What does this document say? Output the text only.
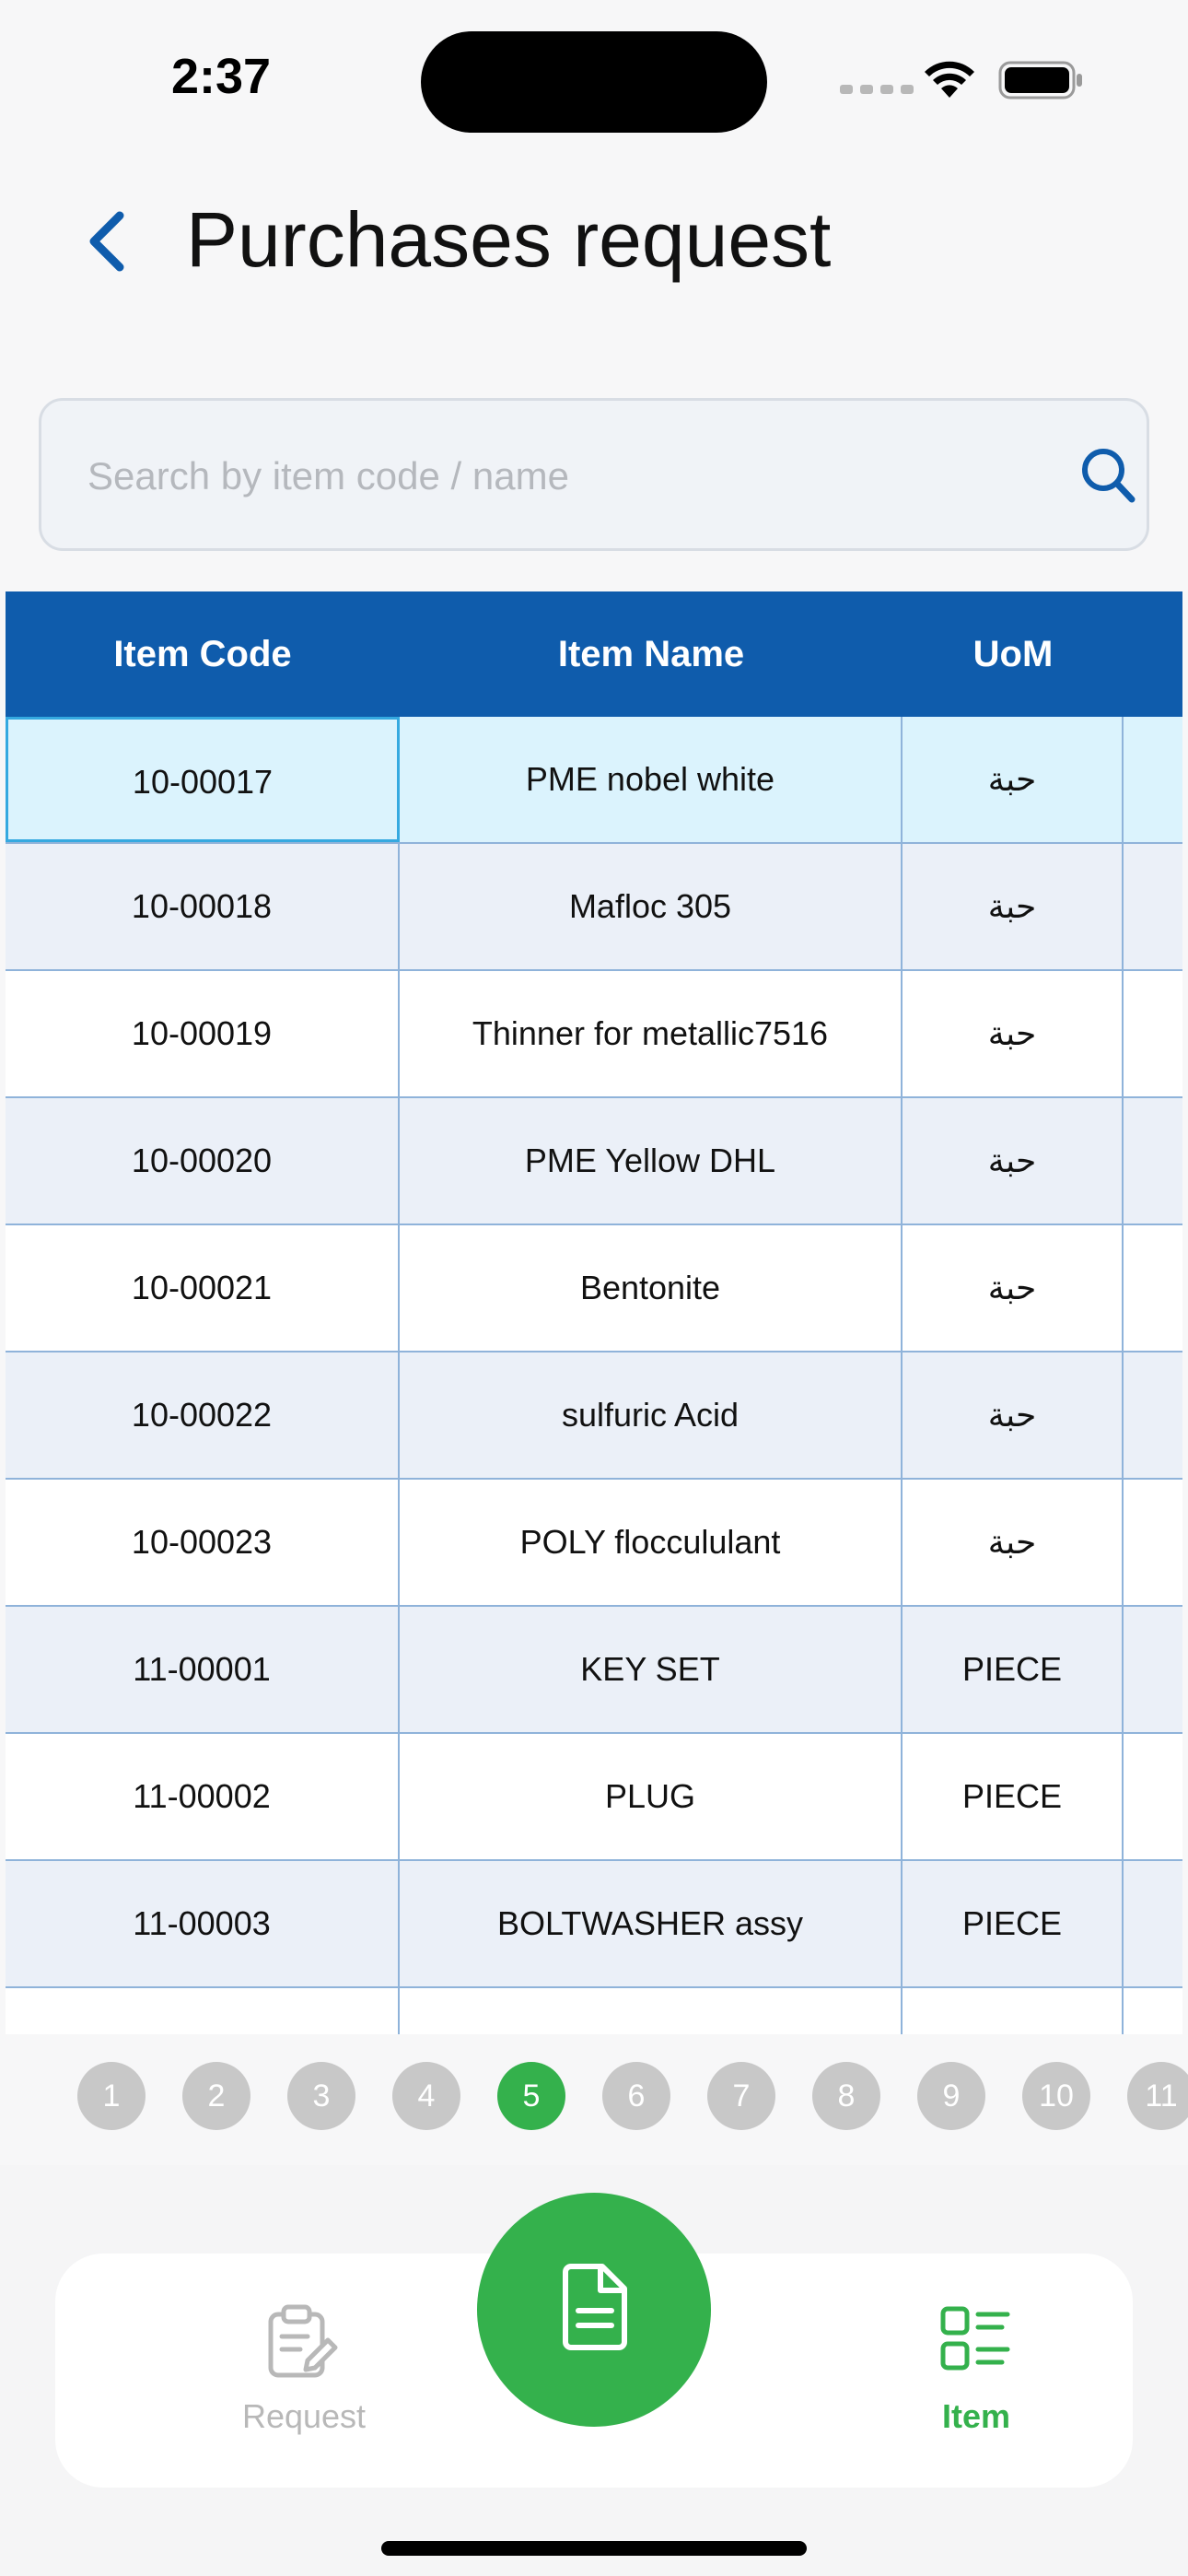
2:37
Purchases request
Search by item code / name
Item Code	Item Name	UoM
10-00017	PME nobel white	حبة
10-00018	Mafloc 305	حبة
10-00019	Thinner for metallic7516	حبة
10-00020	PME Yellow DHL	حبة
10-00021	Bentonite	حبة
10-00022	sulfuric Acid	حبة
10-00023	POLY floccululant	حبة
11-00001	KEY SET	PIECE
11-00002	PLUG	PIECE
11-00003	BOLTWASHER assy	PIECE
1	2	3	4	5	6	7	8	9	10	11
Request	Item
